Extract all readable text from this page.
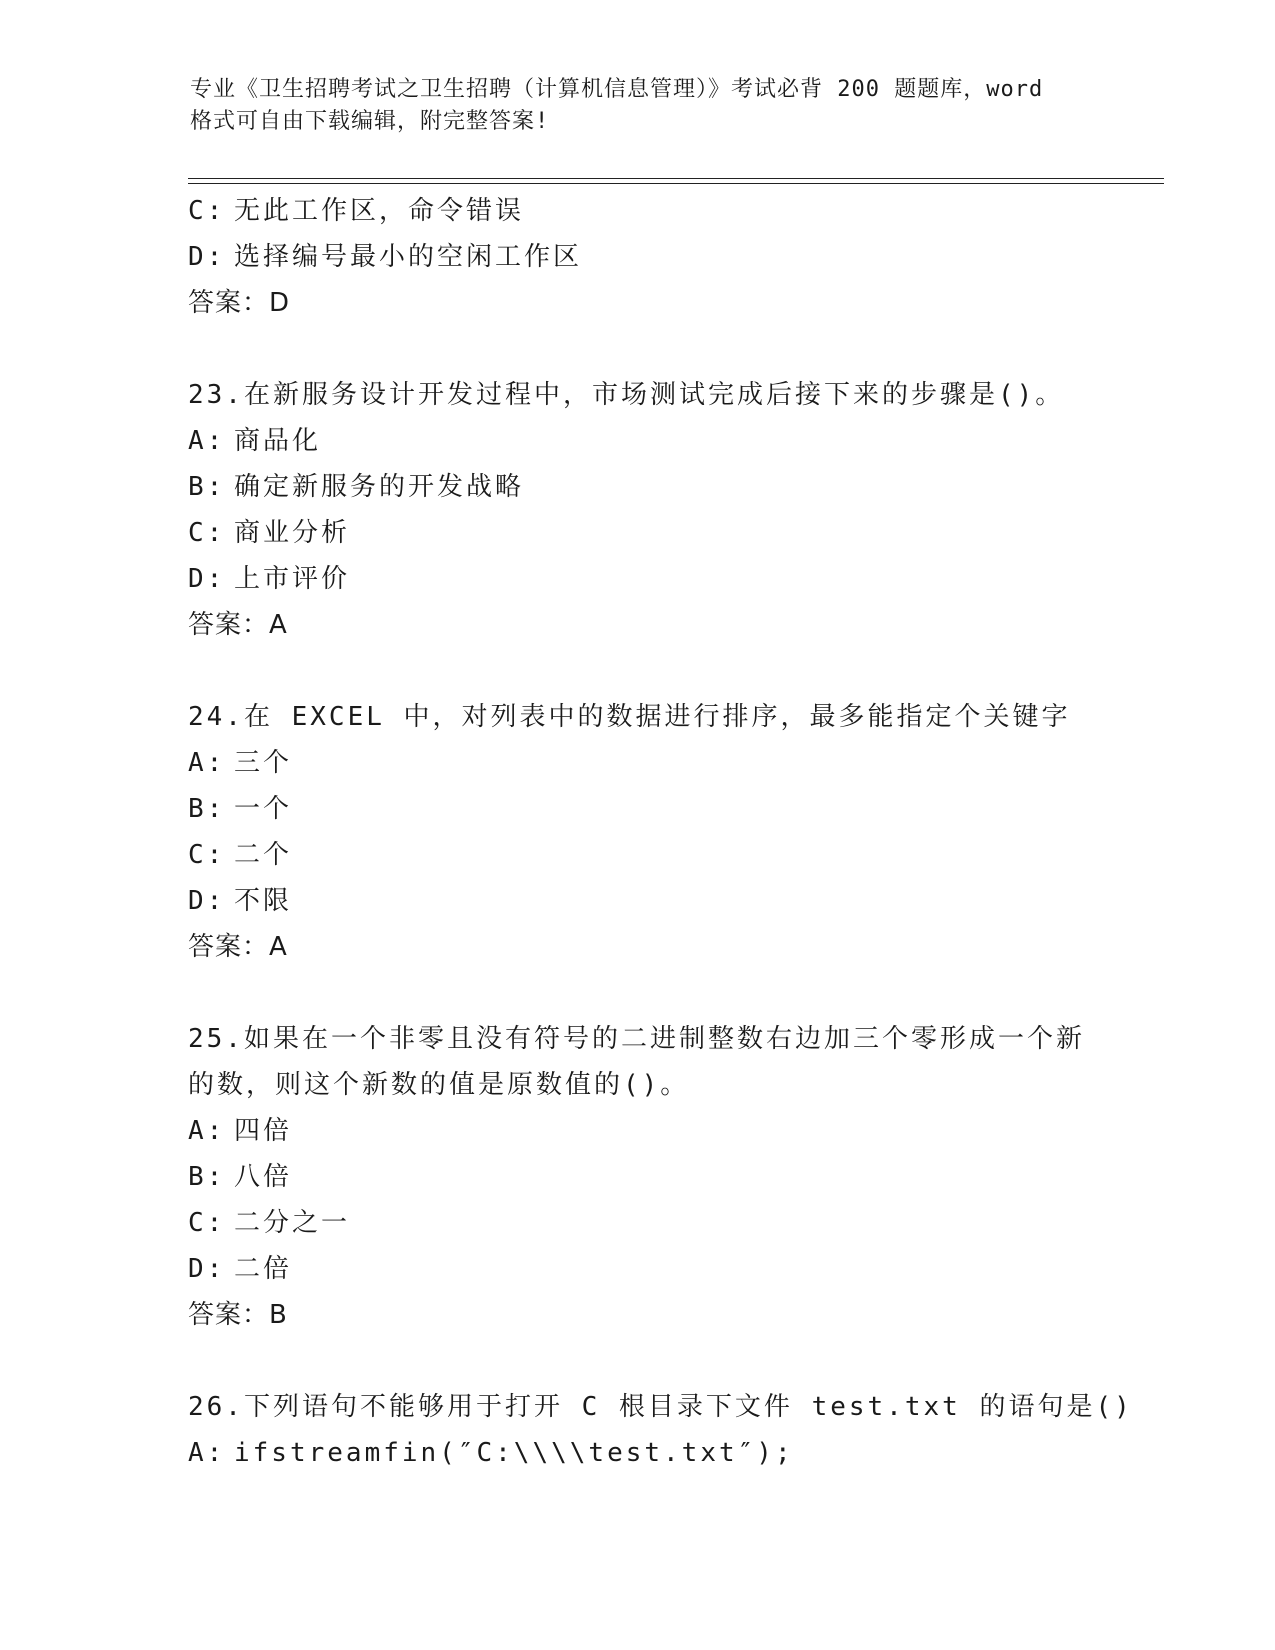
专业《卫生招聘考试之卫生招聘（计算机信息管理）》考试必背 200 题题库，word
格式可自由下载编辑，附完整答案!
C: 无此工作区，命令错误
D: 选择编号最小的空闲工作区
答案：D
23.在新服务设计开发过程中，市场测试完成后接下来的步骤是()。
A: 商品化
B: 确定新服务的开发战略
C: 商业分析
D: 上市评价
答案：A
24.在 EXCEL 中，对列表中的数据进行排序，最多能指定个关键字
A: 三个
B: 一个
C: 二个
D: 不限
答案：A
25.如果在一个非零且没有符号的二进制整数右边加三个零形成一个新
的数，则这个新数的值是原数值的()。
A: 四倍
B: 八倍
C: 二分之一
D: 二倍
答案：B
26.下列语句不能够用于打开 C 根目录下文件 test.txt 的语句是()
A: ifstreamfin(″C:\\\\test.txt″);
